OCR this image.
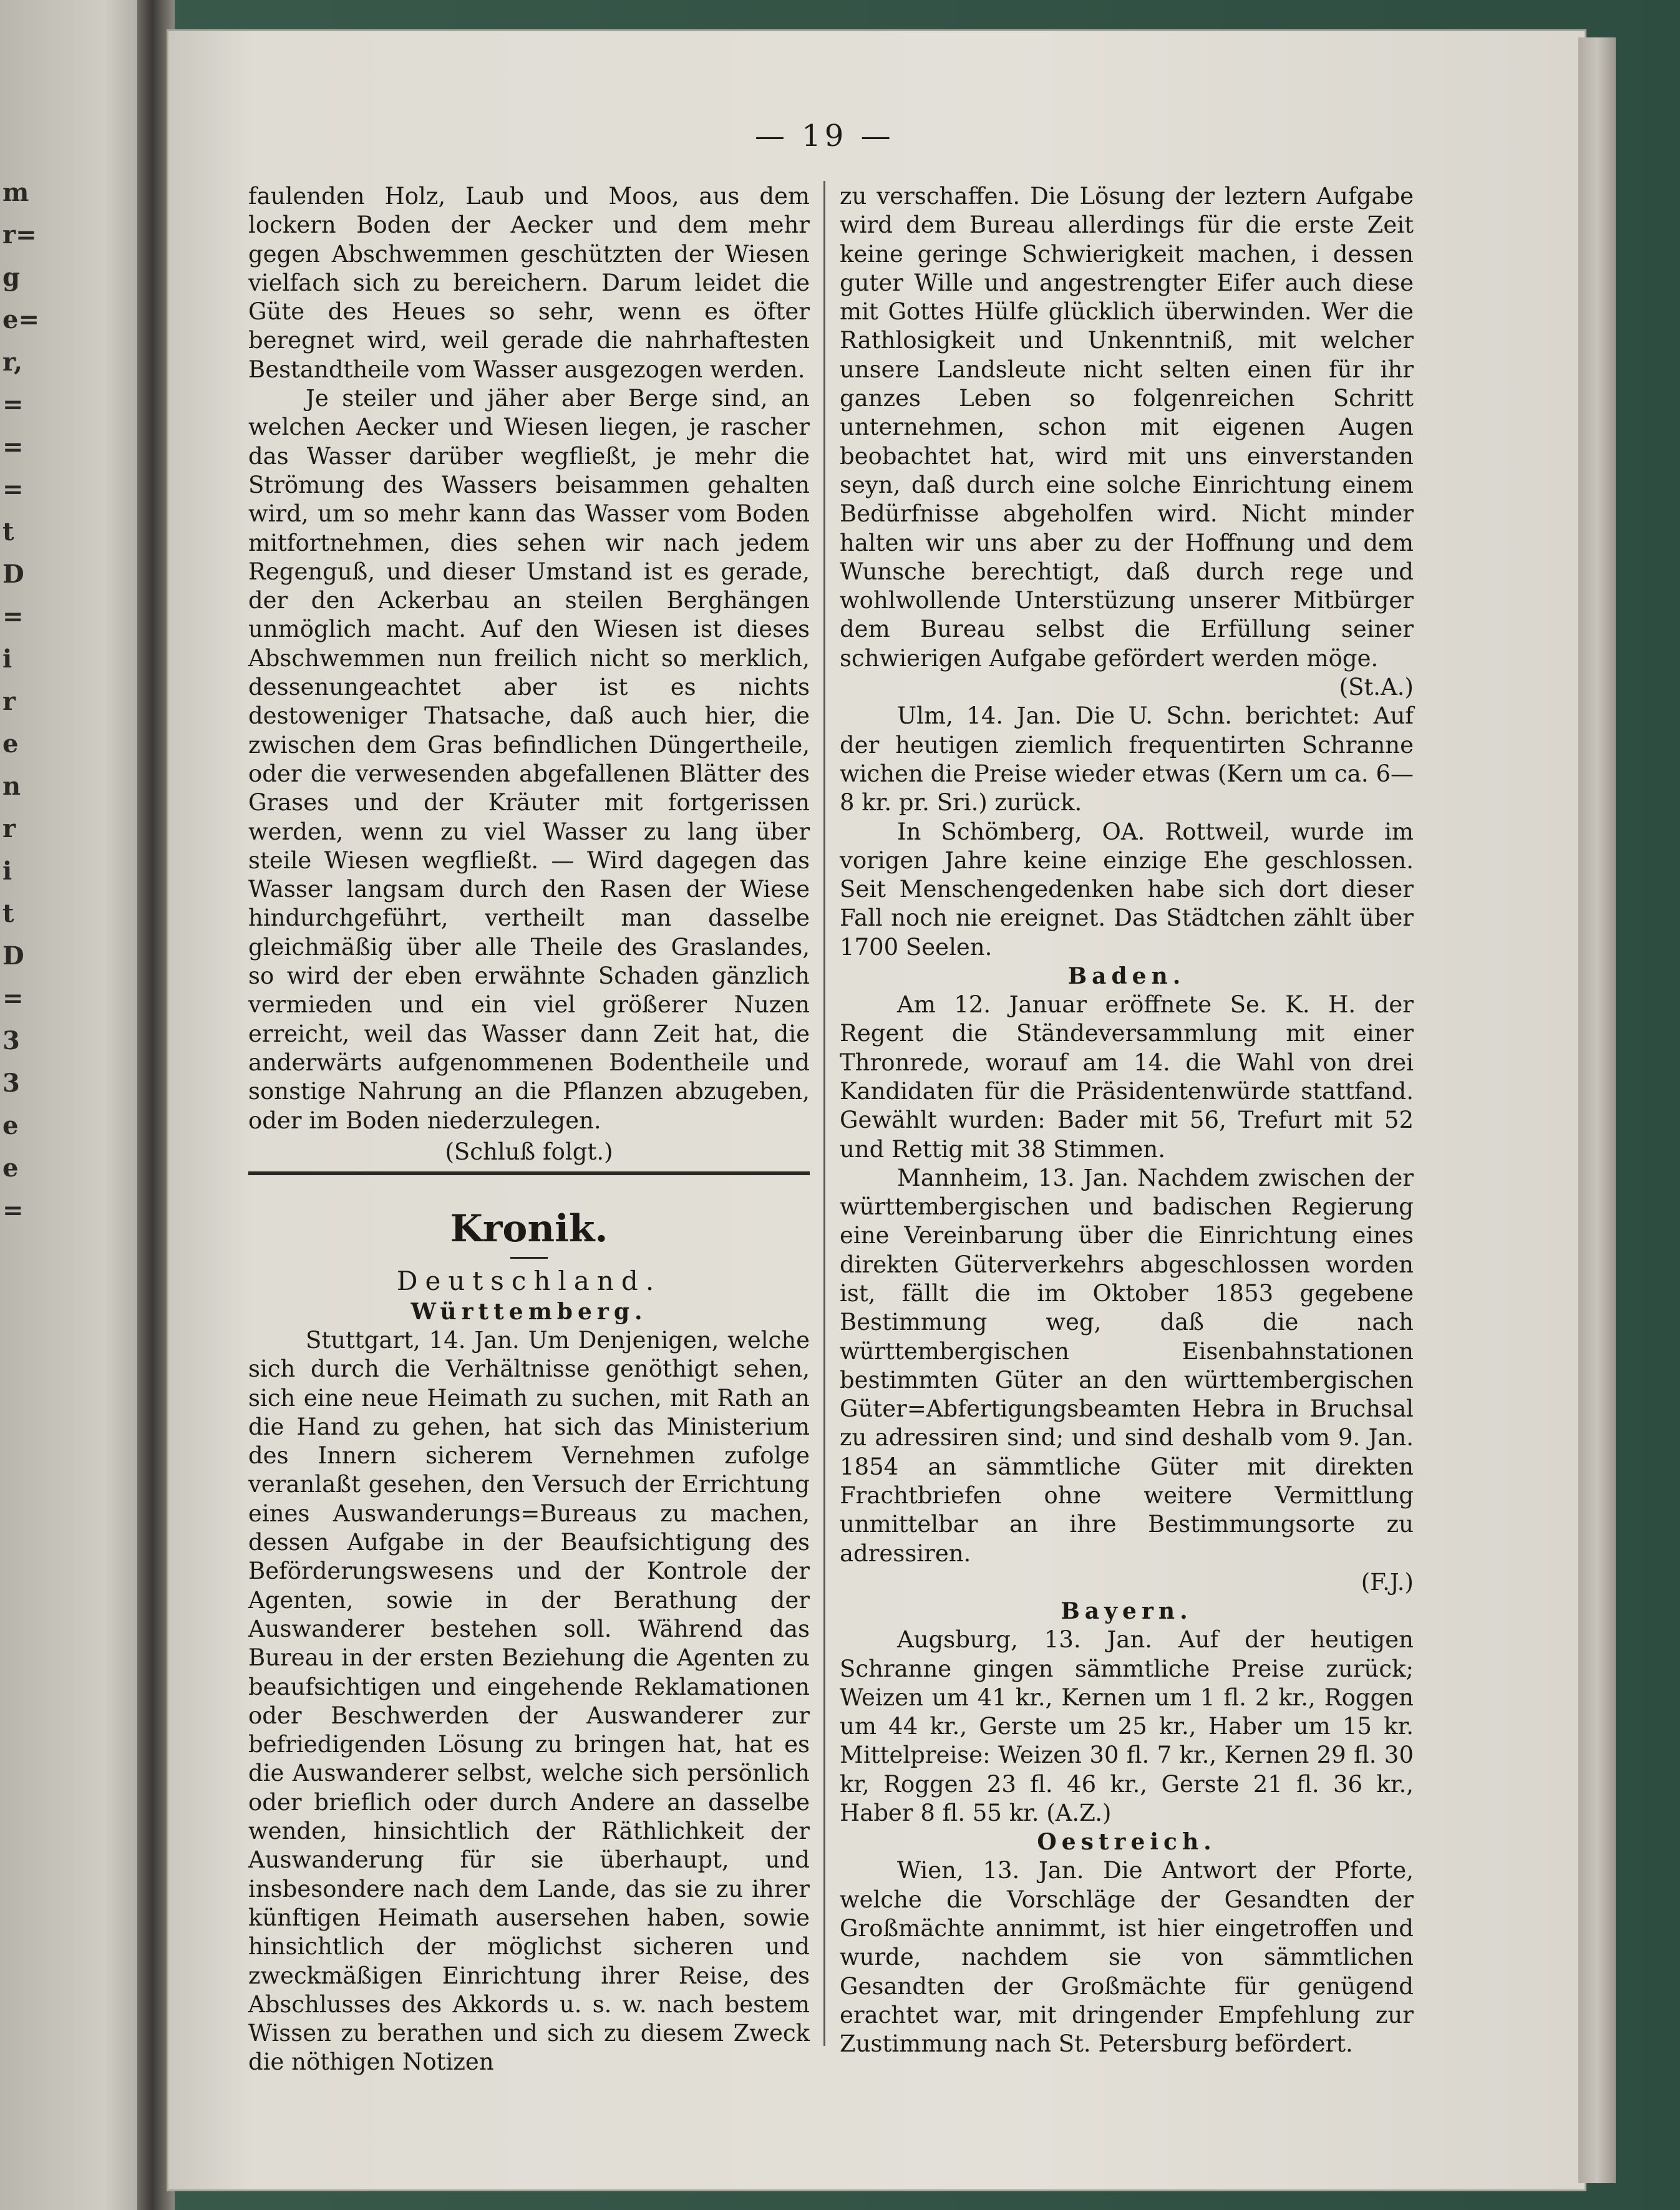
m
r=
g
e=
r,
=
=
=
t
D
=
i
r
e
n
r
i
t
D
=
3
3
e
e
=
— 19 —

faulenden Holz, Laub und Moos, aus dem lockern Boden der Aecker und dem mehr gegen Abschwemmen geschützten der Wiesen vielfach sich zu bereichern. Darum leidet die Güte des Heues so sehr, wenn es öfter beregnet wird, weil gerade die nahrhaftesten Bestandtheile vom Wasser ausgezogen werden.

Je steiler und jäher aber Berge sind, an welchen Aecker und Wiesen liegen, je rascher das Wasser darüber wegfließt, je mehr die Strömung des Wassers beisammen gehalten wird, um so mehr kann das Wasser vom Boden mitfortnehmen, dies sehen wir nach jedem Regenguß, und dieser Umstand ist es gerade, der den Ackerbau an steilen Berghängen unmöglich macht. Auf den Wiesen ist dieses Abschwemmen nun freilich nicht so merklich, dessenungeachtet aber ist es nichts destoweniger Thatsache, daß auch hier, die zwischen dem Gras befindlichen Düngertheile, oder die verwesenden abgefallenen Blätter des Grases und der Kräuter mit fortgerissen werden, wenn zu viel Wasser zu lang über steile Wiesen wegfließt. — Wird dagegen das Wasser langsam durch den Rasen der Wiese hindurchgeführt, vertheilt man dasselbe gleichmäßig über alle Theile des Graslandes, so wird der eben erwähnte Schaden gänzlich vermieden und ein viel größerer Nuzen erreicht, weil das Wasser dann Zeit hat, die anderwärts aufgenommenen Bodentheile und sonstige Nahrung an die Pflanzen abzugeben, oder im Boden niederzulegen.

(Schluß folgt.)

Kronik.
Deutschland.
Württemberg.

Stuttgart, 14. Jan. Um Denjenigen, welche sich durch die Verhältnisse genöthigt sehen, sich eine neue Heimath zu suchen, mit Rath an die Hand zu gehen, hat sich das Ministerium des Innern sicherem Vernehmen zufolge veranlaßt gesehen, den Versuch der Errichtung eines Auswanderungs=Bureaus zu machen, dessen Aufgabe in der Beaufsichtigung des Beförderungswesens und der Kontrole der Agenten, sowie in der Berathung der Auswanderer bestehen soll. Während das Bureau in der ersten Beziehung die Agenten zu beaufsichtigen und eingehende Reklamationen oder Beschwerden der Auswanderer zur befriedigenden Lösung zu bringen hat, hat es die Auswanderer selbst, welche sich persönlich oder brieflich oder durch Andere an dasselbe wenden, hinsichtlich der Räthlichkeit der Auswanderung für sie überhaupt, und insbesondere nach dem Lande, das sie zu ihrer künftigen Heimath ausersehen haben, sowie hinsichtlich der möglichst sicheren und zweckmäßigen Einrichtung ihrer Reise, des Abschlusses des Akkords u. s. w. nach bestem Wissen zu berathen und sich zu diesem Zweck die nöthigen Notizen

zu verschaffen. Die Lösung der leztern Aufgabe wird dem Bureau allerdings für die erste Zeit keine geringe Schwierigkeit machen, i dessen guter Wille und angestrengter Eifer auch diese mit Gottes Hülfe glücklich überwinden. Wer die Rathlosigkeit und Unkenntniß, mit welcher unsere Landsleute nicht selten einen für ihr ganzes Leben so folgenreichen Schritt unternehmen, schon mit eigenen Augen beobachtet hat, wird mit uns einverstanden seyn, daß durch eine solche Einrichtung einem Bedürfnisse abgeholfen wird. Nicht minder halten wir uns aber zu der Hoffnung und dem Wunsche berechtigt, daß durch rege und wohlwollende Unterstüzung unserer Mitbürger dem Bureau selbst die Erfüllung seiner schwierigen Aufgabe gefördert werden möge.

(St.A.)

Ulm, 14. Jan. Die U. Schn. berichtet: Auf der heutigen ziemlich frequentirten Schranne wichen die Preise wieder etwas (Kern um ca. 6—8 kr. pr. Sri.) zurück.

In Schömberg, OA. Rottweil, wurde im vorigen Jahre keine einzige Ehe geschlossen. Seit Menschengedenken habe sich dort dieser Fall noch nie ereignet. Das Städtchen zählt über 1700 Seelen.

Baden.

Am 12. Januar eröffnete Se. K. H. der Regent die Ständeversammlung mit einer Thronrede, worauf am 14. die Wahl von drei Kandidaten für die Präsidentenwürde stattfand. Gewählt wurden: Bader mit 56, Trefurt mit 52 und Rettig mit 38 Stimmen.

Mannheim, 13. Jan. Nachdem zwischen der württembergischen und badischen Regierung eine Vereinbarung über die Einrichtung eines direkten Güterverkehrs abgeschlossen worden ist, fällt die im Oktober 1853 gegebene Bestimmung weg, daß die nach württembergischen Eisenbahnstationen bestimmten Güter an den württembergischen Güter=Abfertigungsbeamten Hebra in Bruchsal zu adressiren sind; und sind deshalb vom 9. Jan. 1854 an sämmtliche Güter mit direkten Frachtbriefen ohne weitere Vermittlung unmittelbar an ihre Bestimmungsorte zu adressiren.

(F.J.)

Bayern.

Augsburg, 13. Jan. Auf der heutigen Schranne gingen sämmtliche Preise zurück; Weizen um 41 kr., Kernen um 1 fl. 2 kr., Roggen um 44 kr., Gerste um 25 kr., Haber um 15 kr. Mittelpreise: Weizen 30 fl. 7 kr., Kernen 29 fl. 30 kr, Roggen 23 fl. 46 kr., Gerste 21 fl. 36 kr., Haber 8 fl. 55 kr. (A.Z.)

Oestreich.

Wien, 13. Jan. Die Antwort der Pforte, welche die Vorschläge der Gesandten der Großmächte annimmt, ist hier eingetroffen und wurde, nachdem sie von sämmtlichen Gesandten der Großmächte für genügend erachtet war, mit dringender Empfehlung zur Zustimmung nach St. Petersburg befördert.
